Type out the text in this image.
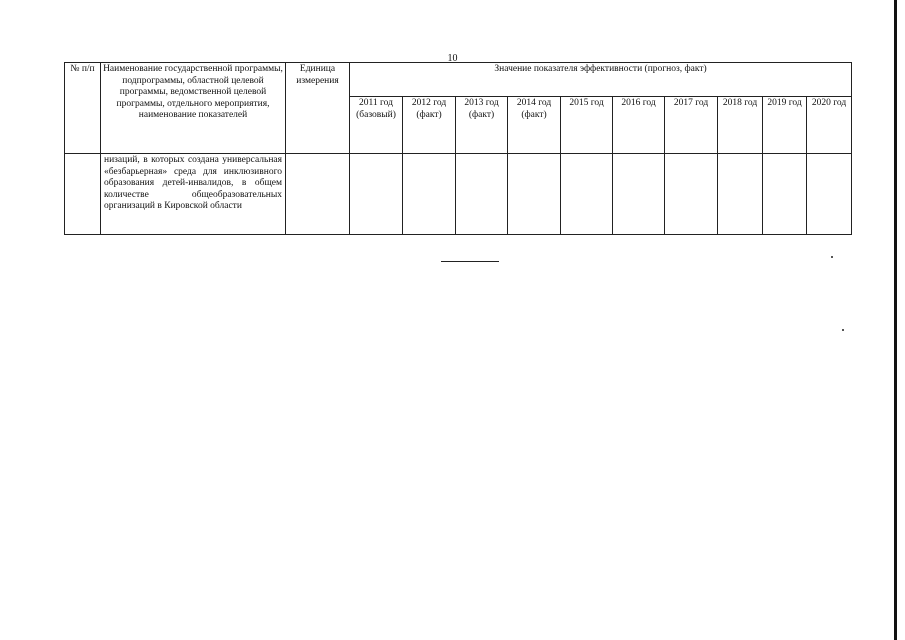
10
№ п/п	Наименование государственной программы, подпрограммы, областной целевой программы, ведомственной целевой программы, отдельного мероприятия, наименование показателей	Единица измерения	Значение показателя эффективности (прогноз, факт)									
			2011 год (базовый)	2012 год (факт)	2013 год (факт)	2014 год (факт)	2015 год	2016 год	2017 год	2018 год	2019 год	2020 год
	низаций, в которых создана универсальная «безбарьерная» среда для инклюзивного образования детей-инвалидов, в общем количестве общеобразовательных организаций в Кировской области											
